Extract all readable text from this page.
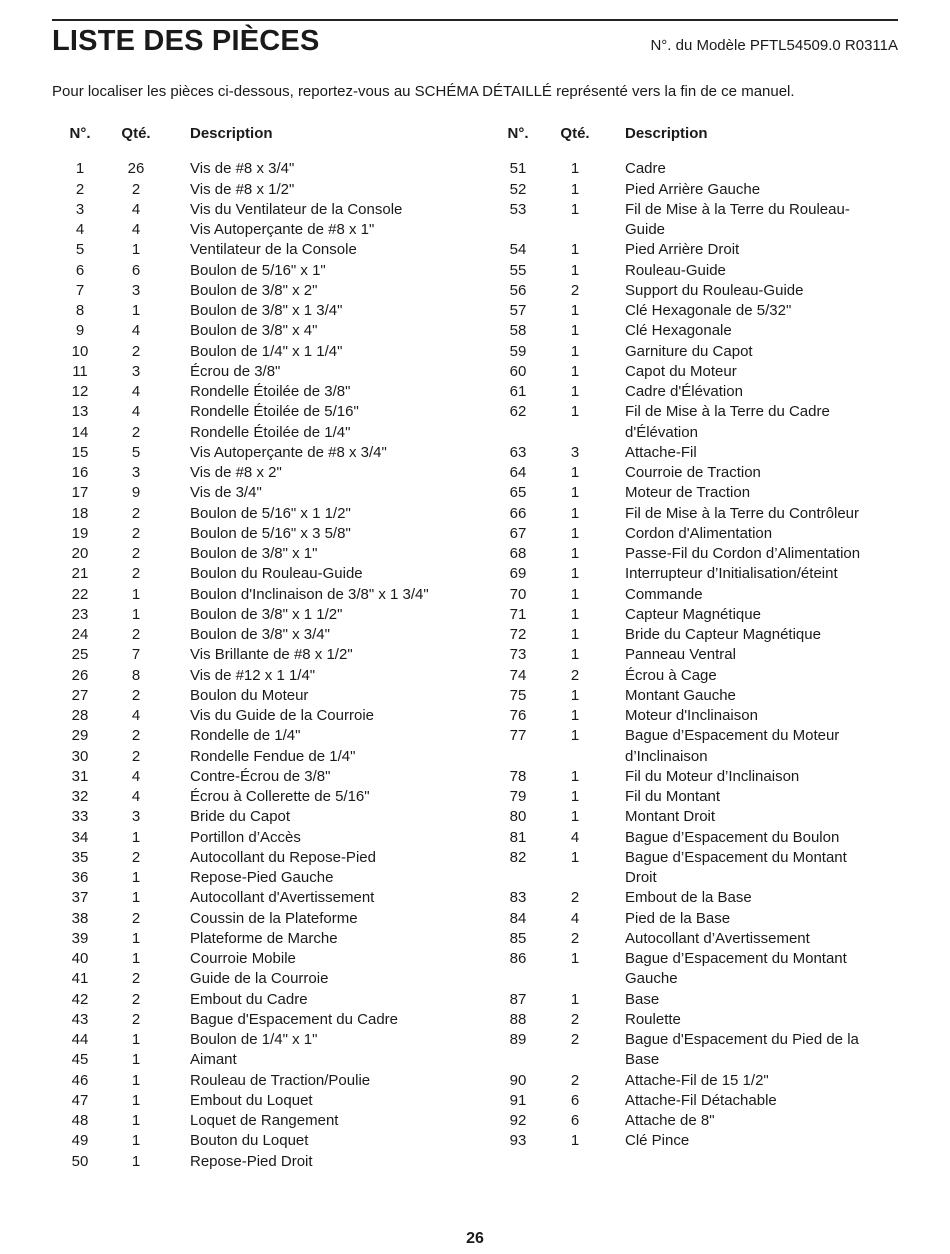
LISTE DES PIÈCES	N°. du Modèle PFTL54509.0 R0311A
Pour localiser les pièces ci-dessous, reportez-vous au SCHÉMA DÉTAILLÉ représenté vers la fin de ce manuel.
N°.	Qté.	Description
1	26	Vis de #8 x 3/4"
2	2	Vis de #8 x 1/2"
3	4	Vis du Ventilateur de la Console
4	4	Vis Autoperçante de #8 x 1"
5	1	Ventilateur de la Console
6	6	Boulon de 5/16" x 1"
7	3	Boulon de 3/8" x 2"
8	1	Boulon de 3/8" x 1 3/4"
9	4	Boulon de 3/8" x 4"
10	2	Boulon de 1/4" x 1 1/4"
11	3	Écrou de 3/8"
12	4	Rondelle Étoilée de 3/8"
13	4	Rondelle Étoilée de 5/16"
14	2	Rondelle Étoilée de 1/4"
15	5	Vis Autoperçante de #8 x 3/4"
16	3	Vis de #8 x 2"
17	9	Vis de 3/4"
18	2	Boulon de 5/16" x 1 1/2"
19	2	Boulon de 5/16" x 3 5/8"
20	2	Boulon de 3/8" x 1"
21	2	Boulon du Rouleau-Guide
22	1	Boulon d'Inclinaison de 3/8" x 1 3/4"
23	1	Boulon de 3/8" x 1 1/2"
24	2	Boulon de 3/8" x 3/4"
25	7	Vis Brillante de #8 x 1/2"
26	8	Vis de #12 x 1 1/4"
27	2	Boulon du Moteur
28	4	Vis du Guide de la Courroie
29	2	Rondelle de 1/4"
30	2	Rondelle Fendue de 1/4"
31	4	Contre-Écrou de 3/8"
32	4	Écrou à Collerette de 5/16"
33	3	Bride du Capot
34	1	Portillon d’Accès
35	2	Autocollant du Repose-Pied
36	1	Repose-Pied Gauche
37	1	Autocollant d'Avertissement
38	2	Coussin de la Plateforme
39	1	Plateforme de Marche
40	1	Courroie Mobile
41	2	Guide de la Courroie
42	2	Embout du Cadre
43	2	Bague d'Espacement du Cadre
44	1	Boulon de 1/4" x 1"
45	1	Aimant
46	1	Rouleau de Traction/Poulie
47	1	Embout du Loquet
48	1	Loquet de Rangement
49	1	Bouton du Loquet
50	1	Repose-Pied Droit
N°.	Qté.	Description
51	1	Cadre
52	1	Pied Arrière Gauche
53	1	Fil de Mise à la Terre du Rouleau-
Guide
54	1	Pied Arrière Droit
55	1	Rouleau-Guide
56	2	Support du Rouleau-Guide
57	1	Clé Hexagonale de 5/32"
58	1	Clé Hexagonale
59	1	Garniture du Capot
60	1	Capot du Moteur
61	1	Cadre d'Élévation
62	1	Fil de Mise à la Terre du Cadre
d'Élévation
63	3	Attache-Fil
64	1	Courroie de Traction
65	1	Moteur de Traction
66	1	Fil de Mise à la Terre du Contrôleur
67	1	Cordon d'Alimentation
68	1	Passe-Fil du Cordon d’Alimentation
69	1	Interrupteur d’Initialisation/éteint
70	1	Commande
71	1	Capteur Magnétique
72	1	Bride du Capteur Magnétique
73	1	Panneau Ventral
74	2	Écrou à Cage
75	1	Montant Gauche
76	1	Moteur d'Inclinaison
77	1	Bague d’Espacement du Moteur
d’Inclinaison
78	1	Fil du Moteur d’Inclinaison
79	1	Fil du Montant
80	1	Montant Droit
81	4	Bague d’Espacement du Boulon
82	1	Bague d’Espacement du Montant
Droit
83	2	Embout de la Base
84	4	Pied de la Base
85	2	Autocollant d’Avertissement
86	1	Bague d’Espacement du Montant
Gauche
87	1	Base
88	2	Roulette
89	2	Bague d'Espacement du Pied de la
Base
90	2	Attache-Fil de 15 1/2"
91	6	Attache-Fil Détachable
92	6	Attache de 8"
93	1	Clé Pince
26
